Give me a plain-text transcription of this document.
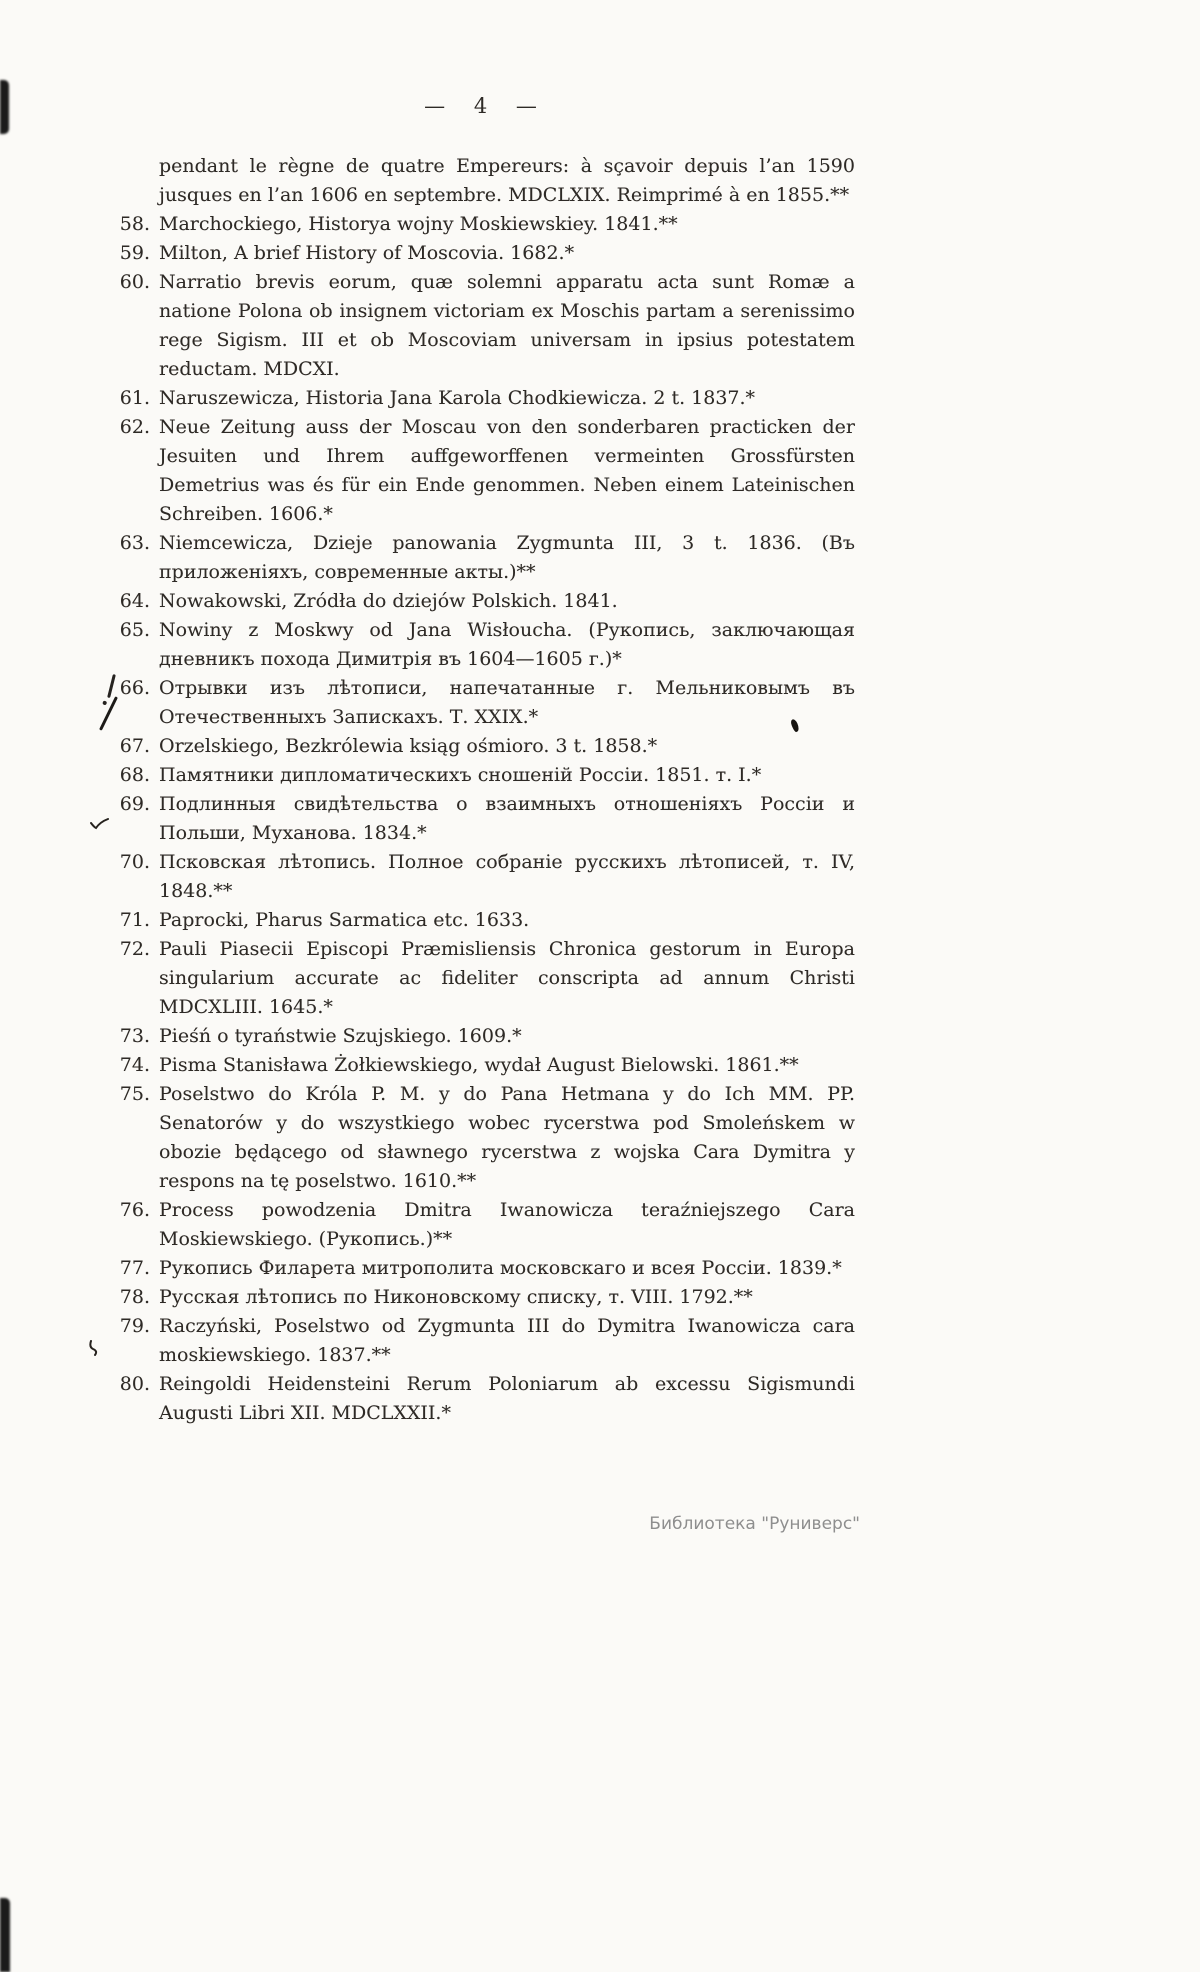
— 4 —
pendant le règne de quatre Empereurs: à sçavoir depuis l’an 1590 jusques en l’an 1606 en septembre. MDCLXIX. Reimprimé à en 1855.**
58. Marchockiego, Historya wojny Moskiewskiey. 1841.**
59. Milton, A brief History of Moscovia. 1682.*
60. Narratio brevis eorum, quæ solemni apparatu acta sunt Romæ a natione Polona ob insignem victoriam ex Moschis partam a serenissimo rege Sigism. III et ob Moscoviam universam in ipsius potestatem reductam. MDCXI.
61. Naruszewicza, Historia Jana Karola Chodkiewicza. 2 t. 1837.*
62. Neue Zeitung auss der Moscau von den sonderbaren practicken der Jesuiten und Ihrem auffgeworffenen vermeinten Grossfürsten Demetrius was és für ein Ende genommen. Neben einem Lateinischen Schreiben. 1606.*
63. Niemcewicza, Dzieje panowania Zygmunta III, 3 t. 1836. (Въ приложеніяхъ, современные акты.)**
64. Nowakowski, Zródła do dziejów Polskich. 1841.
65. Nowiny z Moskwy od Jana Wisłoucha. (Рукопись, заключающая дневникъ похода Димитрія въ 1604—1605 г.)*
66. Отрывки изъ лѣтописи, напечатанные г. Мельниковымъ въ Отечественныхъ Запискахъ. Т. XXIX.*
67. Orzelskiego, Bezkrólewia ksiąg ośmioro. 3 t. 1858.*
68. Памятники дипломатическихъ сношеній Россіи. 1851. т. I.*
69. Подлинныя свидѣтельства о взаимныхъ отношеніяхъ Россіи и Польши, Муханова. 1834.*
70. Псковская лѣтопись. Полное собраніе русскихъ лѣтописей, т. IV, 1848.**
71. Paprocki, Pharus Sarmatica etc. 1633.
72. Pauli Piasecii Episcopi Præmisliensis Chronica gestorum in Europa singularium accurate ac fideliter conscripta ad annum Christi MDCXLIII. 1645.*
73. Pieśń o tyraństwie Szujskiego. 1609.*
74. Pisma Stanisława Żołkiewskiego, wydał August Bielowski. 1861.**
75. Poselstwo do Króla P. M. y do Pana Hetmana y do Ich MM. PP. Senatorów y do wszystkiego wobec rycerstwa pod Smoleńskem w obozie będącego od sławnego rycerstwa z wojska Cara Dymitra y respons na tę poselstwo. 1610.**
76. Process powodzenia Dmitra Iwanowicza teraźniejszego Cara Moskiewskiego. (Рукопись.)**
77. Рукопись Филарета митрополита московскаго и всея Россіи. 1839.*
78. Русская лѣтопись по Никоновскому списку, т. VIII. 1792.**
79. Raczyński, Poselstwo od Zygmunta III do Dymitra Iwanowicza cara moskiewskiego. 1837.**
80. Reingoldi Heidensteini Rerum Poloniarum ab excessu Sigismundi Augusti Libri XII. MDCLXXII.*
Библиотека "Руниверс"
